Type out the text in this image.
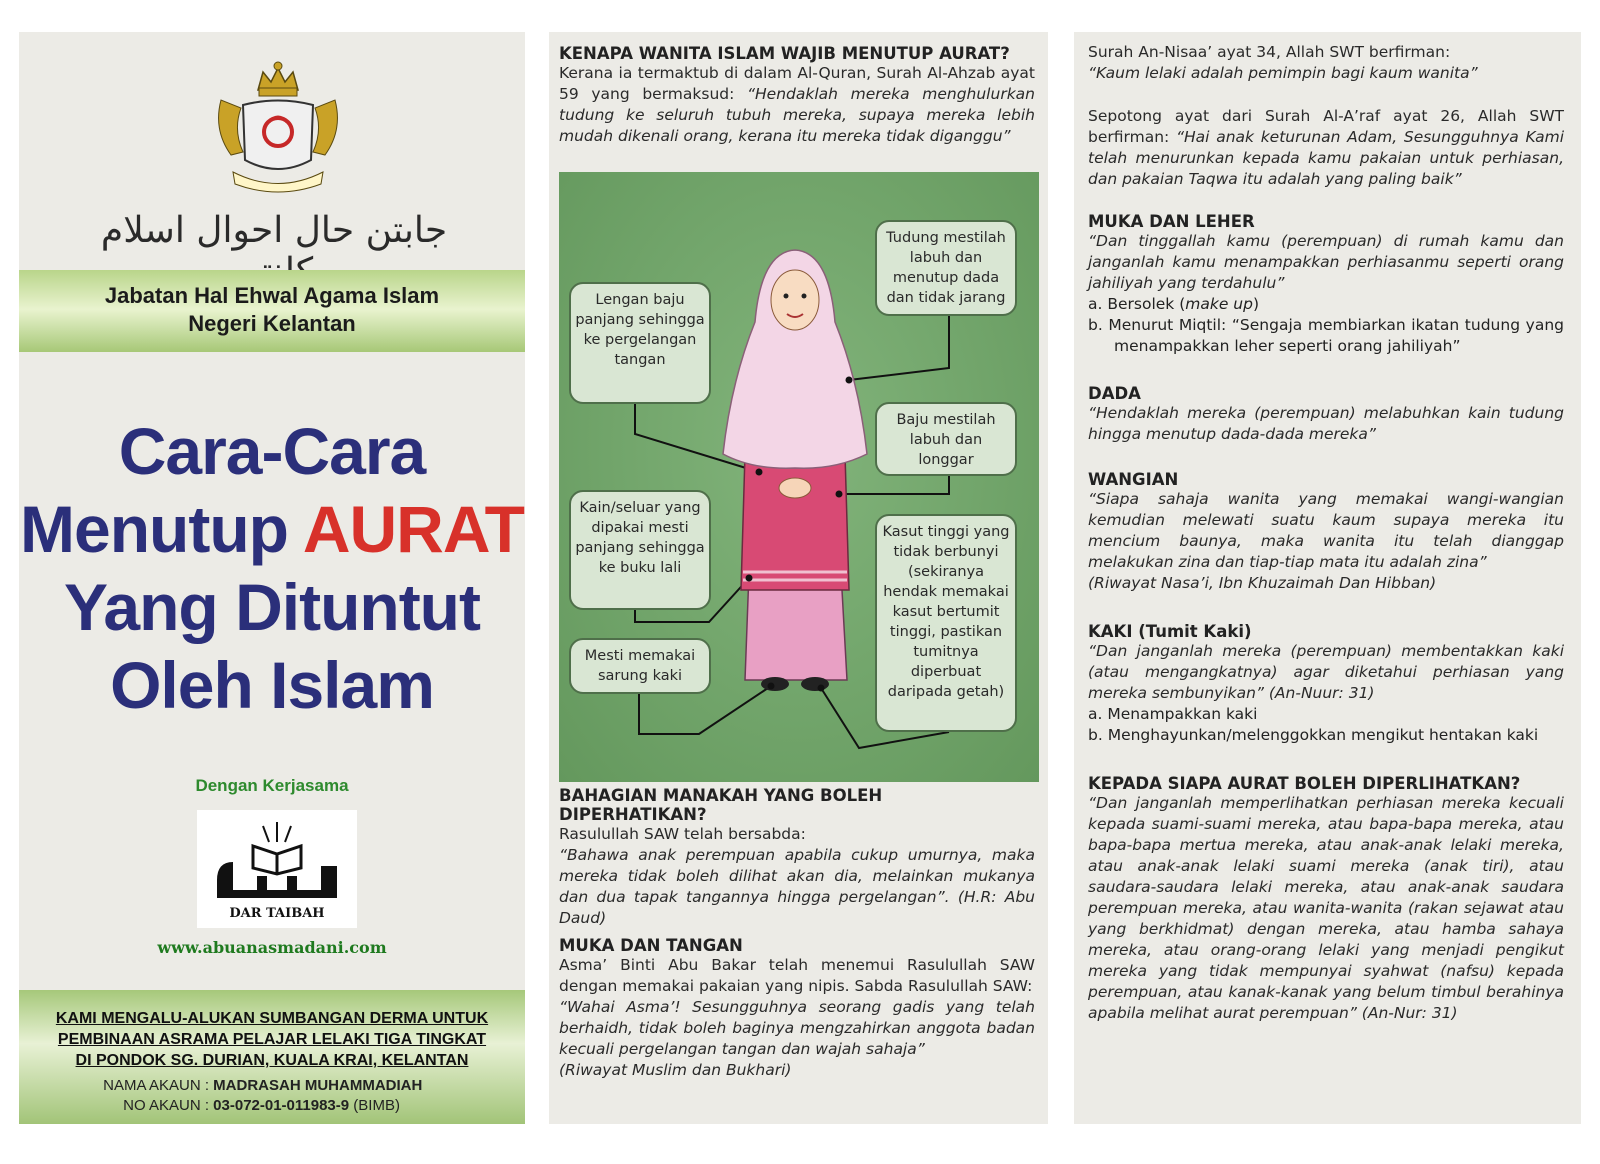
جابتن حال احوال اسلام
Jabatan Hal Ehwal Agama Islam
Negeri Kelantan
Cara-Cara
Menutup AURAT
Yang Dituntut
Oleh Islam
Dengan Kerjasama
DAR TAIBAH
www.abuanasmadani.com
KAMI MENGALU-ALUKAN SUMBANGAN DERMA UNTUK
PEMBINAAN ASRAMA PELAJAR LELAKI TIGA TINGKAT
DI PONDOK SG. DURIAN, KUALA KRAI, KELANTAN
NAMA AKAUN : MADRASAH MUHAMMADIAH
NO AKAUN : 03-072-01-011983-9 (BIMB)

KENAPA WANITA ISLAM WAJIB MENUTUP AURAT?

Kerana ia termaktub di dalam Al-Quran, Surah Al-Ahzab ayat 59 yang bermaksud: “Hendaklah mereka menghulurkan tudung ke seluruh tubuh mereka, supaya mereka lebih mudah dikenali orang, kerana itu mereka tidak diganggu”

Tudung mestilah labuh dan menutup dada dan tidak jarang
Lengan baju panjang sehingga ke pergelangan tangan
Baju mestilah labuh dan longgar
Kain/seluar yang dipakai mesti panjang sehingga ke buku lali
Kasut tinggi yang tidak berbunyi (sekiranya hendak memakai kasut bertumit tinggi, pastikan tumitnya diperbuat daripada getah)
Mesti memakai sarung kaki

BAHAGIAN MANAKAH YANG BOLEH DIPERHATIKAN?

Rasulullah SAW telah bersabda:

“Bahawa anak perempuan apabila cukup umurnya, maka mereka tidak boleh dilihat akan dia, melainkan mukanya dan dua tapak tangannya hingga pergelangan”. (H.R: Abu Daud)

MUKA DAN TANGAN

Asma’ Binti Abu Bakar telah menemui Rasulullah SAW dengan memakai pakaian yang nipis. Sabda Rasulullah SAW:

“Wahai Asma’! Sesungguhnya seorang gadis yang telah berhaidh, tidak boleh baginya mengzahirkan anggota badan kecuali pergelangan tangan dan wajah sahaja”

(Riwayat Muslim dan Bukhari)

Surah An-Nisaa’ ayat 34, Allah SWT berfirman:

“Kaum lelaki adalah pemimpin bagi kaum wanita”

Sepotong ayat dari Surah Al-A’raf ayat 26, Allah SWT berfirman: “Hai anak keturunan Adam, Sesungguhnya Kami telah menurunkan kepada kamu pakaian untuk perhiasan, dan pakaian Taqwa itu adalah yang paling baik”

MUKA DAN LEHER

“Dan tinggallah kamu (perempuan) di rumah kamu dan janganlah kamu menampakkan perhiasanmu seperti orang jahiliyah yang terdahulu”

a. Bersolek (make up)
b. Menurut Miqtil: “Sengaja membiarkan ikatan tudung yang menampakkan leher seperti orang jahiliyah”

DADA

“Hendaklah mereka (perempuan) melabuhkan kain tudung hingga menutup dada-dada mereka”

WANGIAN

“Siapa sahaja wanita yang memakai wangi-wangian kemudian melewati suatu kaum supaya mereka itu mencium baunya, maka wanita itu telah dianggap melakukan zina dan tiap-tiap mata itu adalah zina”

(Riwayat Nasa’i, Ibn Khuzaimah Dan Hibban)

KAKI (Tumit Kaki)

“Dan janganlah mereka (perempuan) membentakkan kaki (atau mengangkatnya) agar diketahui perhiasan yang mereka sembunyikan” (An-Nuur: 31)

a. Menampakkan kaki
b. Menghayunkan/melenggokkan mengikut hentakan kaki

KEPADA SIAPA AURAT BOLEH DIPERLIHATKAN?

“Dan janganlah memperlihatkan perhiasan mereka kecuali kepada suami-suami mereka, atau bapa-bapa mereka, atau bapa-bapa mertua mereka, atau anak-anak lelaki mereka, atau anak-anak lelaki suami mereka (anak tiri), atau saudara-saudara lelaki mereka, atau anak-anak saudara perempuan mereka, atau wanita-wanita (rakan sejawat atau yang berkhidmat) dengan mereka, atau hamba sahaya mereka, atau orang-orang lelaki yang menjadi pengikut mereka yang tidak mempunyai syahwat (nafsu) kepada perempuan, atau kanak-kanak yang belum timbul berahinya apabila melihat aurat perempuan” (An-Nur: 31)
